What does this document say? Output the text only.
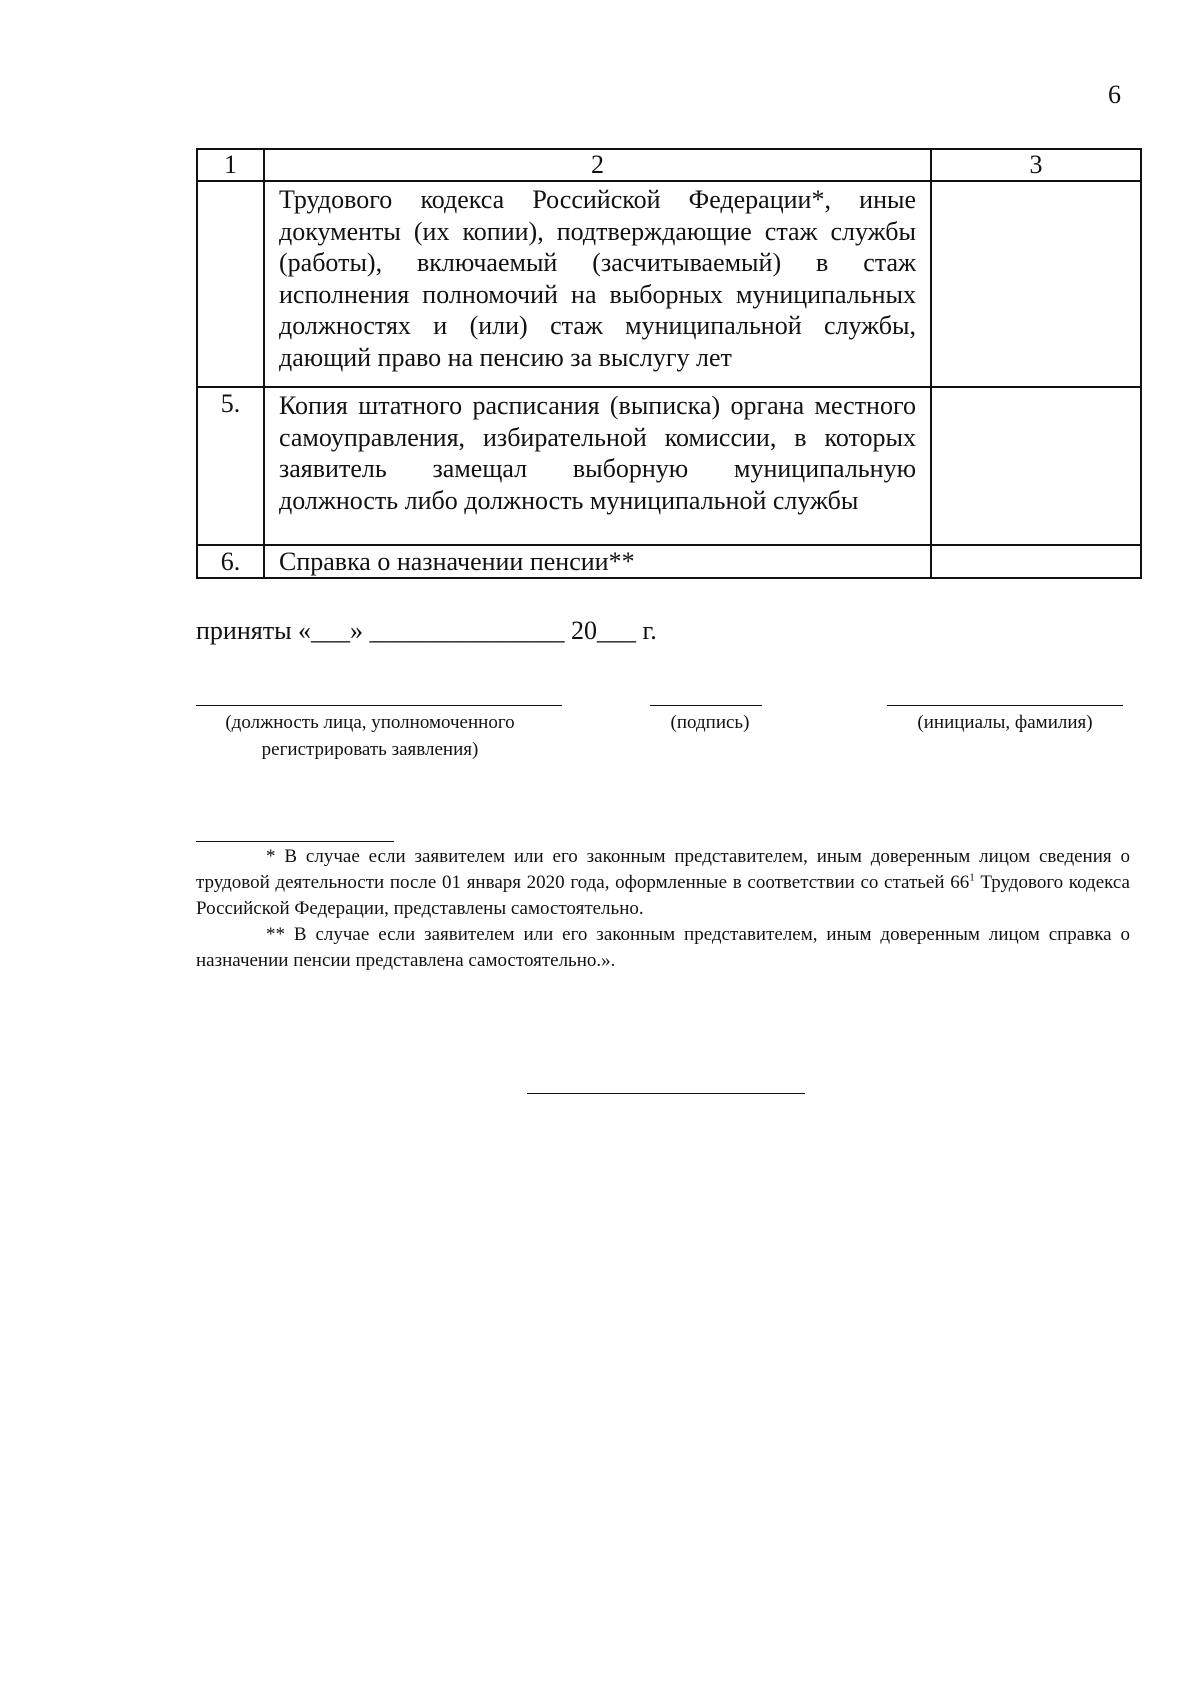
6
1	2	3
	Трудового кодекса Российской Федерации*, иные документы (их копии), подтверждающие стаж службы (работы), включаемый (засчитываемый) в стаж исполнения полномочий на выборных муниципальных должностях и (или) стаж муниципальной службы, дающий право на пенсию за выслугу лет	
5.	Копия штатного расписания (выписка) органа местного самоуправления, избирательной комиссии, в которых заявитель замещал выборную муниципальную должность либо должность муниципальной службы	
6.	Справка о назначении пенсии**	
приняты «___» _______________ 20___ г.
(должность лица, уполномоченного регистрировать заявления)
(подпись)	(инициалы, фамилия)

* В случае если заявителем или его законным представителем, иным доверенным лицом сведения о трудовой деятельности после 01 января 2020 года, оформленные в соответствии со статьей $66^1$ Трудового кодекса Российской Федерации, представлены самостоятельно.

** В случае если заявителем или его законным представителем, иным доверенным лицом справка о назначении пенсии представлена самостоятельно.».
